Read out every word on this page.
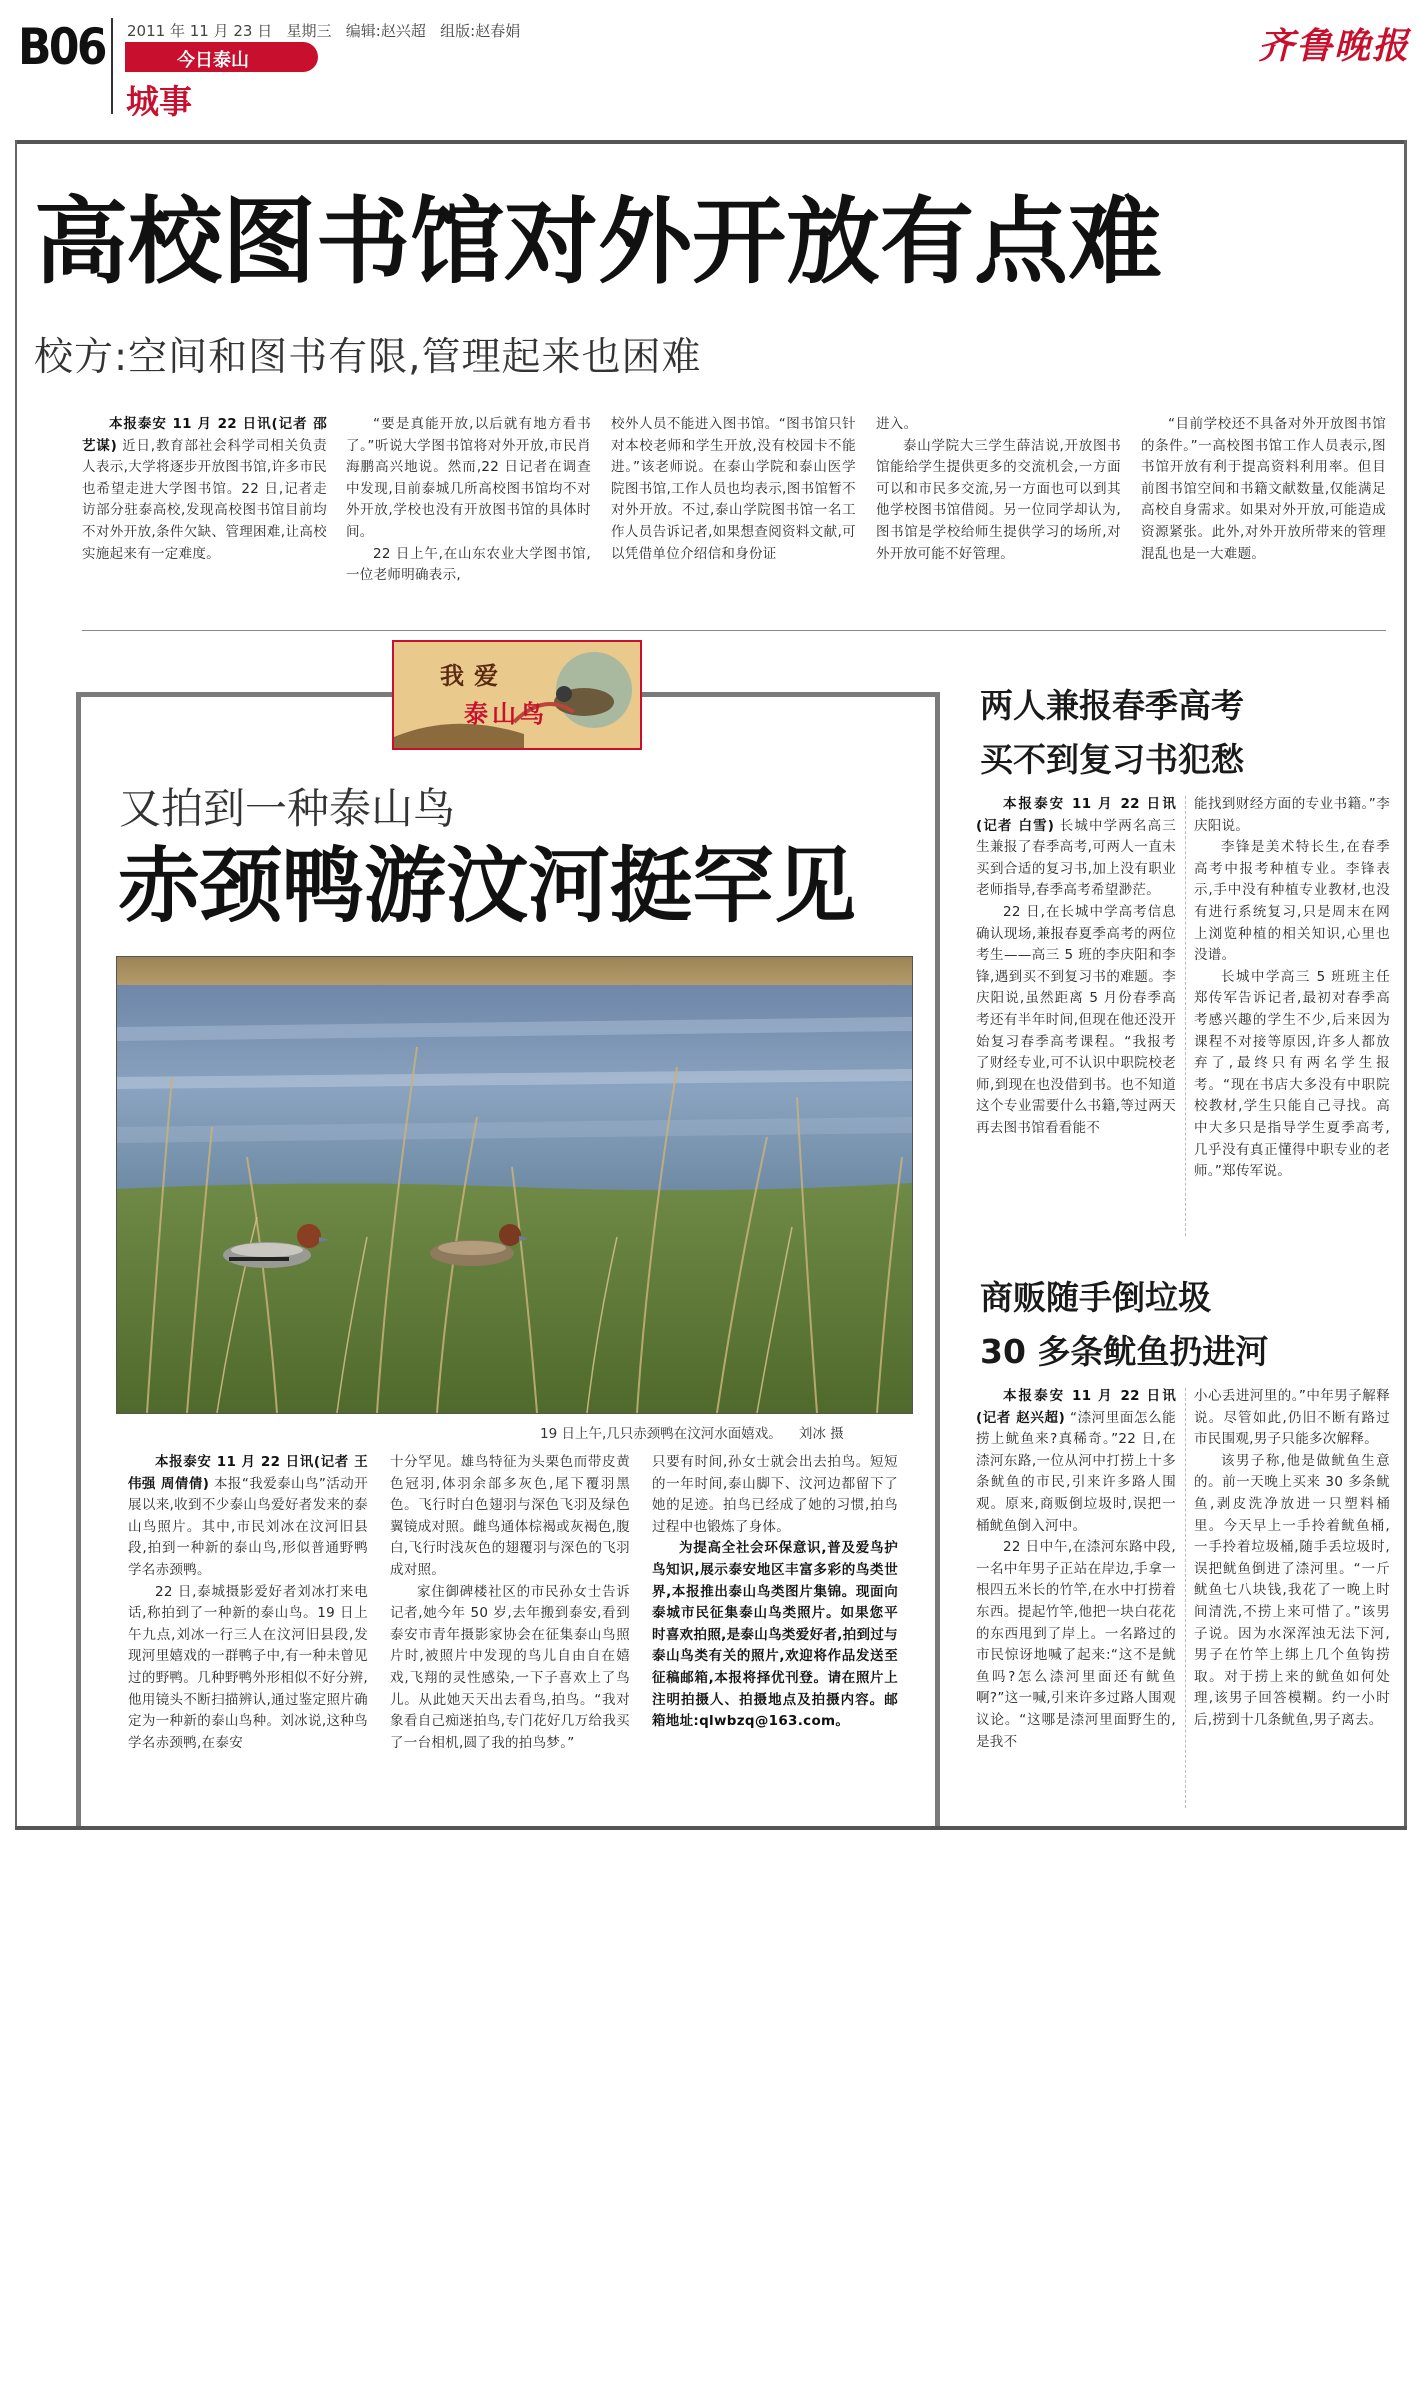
B06 2011 年 11 月 23 日   星期三   编辑:赵兴超   组版:赵春娟
今日泰山
城事
齐鲁晚报
高校图书馆对外开放有点难
校方:空间和图书有限,管理起来也困难

本报泰安 11 月 22 日讯(记者 邵艺谋) 近日,教育部社会科学司相关负责人表示,大学将逐步开放图书馆,许多市民也希望走进大学图书馆。22 日,记者走访部分驻泰高校,发现高校图书馆目前均不对外开放,条件欠缺、管理困难,让高校实施起来有一定难度。

“要是真能开放,以后就有地方看书了。”听说大学图书馆将对外开放,市民肖海鹏高兴地说。然而,22 日记者在调查中发现,目前泰城几所高校图书馆均不对外开放,学校也没有开放图书馆的具体时间。

22 日上午,在山东农业大学图书馆,一位老师明确表示,

校外人员不能进入图书馆。“图书馆只针对本校老师和学生开放,没有校园卡不能进。”该老师说。在泰山学院和泰山医学院图书馆,工作人员也均表示,图书馆暂不对外开放。不过,泰山学院图书馆一名工作人员告诉记者,如果想查阅资料文献,可以凭借单位介绍信和身份证

进入。

泰山学院大三学生薛洁说,开放图书馆能给学生提供更多的交流机会,一方面可以和市民多交流,另一方面也可以到其他学校图书馆借阅。另一位同学却认为,图书馆是学校给师生提供学习的场所,对外开放可能不好管理。

“目前学校还不具备对外开放图书馆的条件。”一高校图书馆工作人员表示,图书馆开放有利于提高资料利用率。但目前图书馆空间和书籍文献数量,仅能满足高校自身需求。如果对外开放,可能造成资源紧张。此外,对外开放所带来的管理混乱也是一大难题。

我爱
泰山鸟
又拍到一种泰山鸟
赤颈鸭游汶河挺罕见
19 日上午,几只赤颈鸭在汶河水面嬉戏。    刘冰 摄

本报泰安 11 月 22 日讯(记者 王伟强 周倩倩) 本报“我爱泰山鸟”活动开展以来,收到不少泰山鸟爱好者发来的泰山鸟照片。其中,市民刘冰在汶河旧县段,拍到一种新的泰山鸟,形似普通野鸭学名赤颈鸭。

22 日,泰城摄影爱好者刘冰打来电话,称拍到了一种新的泰山鸟。19 日上午九点,刘冰一行三人在汶河旧县段,发现河里嬉戏的一群鸭子中,有一种未曾见过的野鸭。几种野鸭外形相似不好分辨,他用镜头不断扫描辨认,通过鉴定照片确定为一种新的泰山鸟种。刘冰说,这种鸟学名赤颈鸭,在泰安

十分罕见。雄鸟特征为头栗色而带皮黄色冠羽,体羽余部多灰色,尾下覆羽黑色。飞行时白色翅羽与深色飞羽及绿色翼镜成对照。雌鸟通体棕褐或灰褐色,腹白,飞行时浅灰色的翅覆羽与深色的飞羽成对照。

家住御碑楼社区的市民孙女士告诉记者,她今年 50 岁,去年搬到泰安,看到泰安市青年摄影家协会在征集泰山鸟照片时,被照片中发现的鸟儿自由自在嬉戏,飞翔的灵性感染,一下子喜欢上了鸟儿。从此她天天出去看鸟,拍鸟。“我对象看自己痴迷拍鸟,专门花好几万给我买了一台相机,圆了我的拍鸟梦。”

只要有时间,孙女士就会出去拍鸟。短短的一年时间,泰山脚下、汶河边都留下了她的足迹。拍鸟已经成了她的习惯,拍鸟过程中也锻炼了身体。

为提高全社会环保意识,普及爱鸟护鸟知识,展示泰安地区丰富多彩的鸟类世界,本报推出泰山鸟类图片集锦。现面向泰城市民征集泰山鸟类照片。如果您平时喜欢拍照,是泰山鸟类爱好者,拍到过与泰山鸟类有关的照片,欢迎将作品发送至征稿邮箱,本报将择优刊登。请在照片上注明拍摄人、拍摄地点及拍摄内容。邮箱地址:qlwbzq@163.com。

两人兼报春季高考
买不到复习书犯愁

本报泰安 11 月 22 日讯(记者 白雪) 长城中学两名高三生兼报了春季高考,可两人一直未买到合适的复习书,加上没有职业老师指导,春季高考希望渺茫。

22 日,在长城中学高考信息确认现场,兼报春夏季高考的两位考生——高三 5 班的李庆阳和李锋,遇到买不到复习书的难题。李庆阳说,虽然距离 5 月份春季高考还有半年时间,但现在他还没开始复习春季高考课程。“我报考了财经专业,可不认识中职院校老师,到现在也没借到书。也不知道这个专业需要什么书籍,等过两天再去图书馆看看能不

能找到财经方面的专业书籍。”李庆阳说。

李锋是美术特长生,在春季高考中报考种植专业。李锋表示,手中没有种植专业教材,也没有进行系统复习,只是周末在网上浏览种植的相关知识,心里也没谱。

长城中学高三 5 班班主任郑传军告诉记者,最初对春季高考感兴趣的学生不少,后来因为课程不对接等原因,许多人都放弃了,最终只有两名学生报考。“现在书店大多没有中职院校教材,学生只能自己寻找。高中大多只是指导学生夏季高考,几乎没有真正懂得中职专业的老师。”郑传军说。

商贩随手倒垃圾
30 多条鱿鱼扔进河

本报泰安 11 月 22 日讯(记者 赵兴超) “渿河里面怎么能捞上鱿鱼来?真稀奇。”22 日,在渿河东路,一位从河中打捞上十多条鱿鱼的市民,引来许多路人围观。原来,商贩倒垃圾时,误把一桶鱿鱼倒入河中。

22 日中午,在渿河东路中段,一名中年男子正站在岸边,手拿一根四五米长的竹竿,在水中打捞着东西。提起竹竿,他把一块白花花的东西甩到了岸上。一名路过的市民惊讶地喊了起来:“这不是鱿鱼吗?怎么渿河里面还有鱿鱼啊?”这一喊,引来许多过路人围观议论。“这哪是渿河里面野生的,是我不

小心丢进河里的。”中年男子解释说。尽管如此,仍旧不断有路过市民围观,男子只能多次解释。

该男子称,他是做鱿鱼生意的。前一天晚上买来 30 多条鱿鱼,剥皮洗净放进一只塑料桶里。今天早上一手拎着鱿鱼桶,一手拎着垃圾桶,随手丢垃圾时,误把鱿鱼倒进了渿河里。“一斤鱿鱼七八块钱,我花了一晚上时间清洗,不捞上来可惜了。”该男子说。因为水深浑浊无法下河,男子在竹竿上绑上几个鱼钩捞取。对于捞上来的鱿鱼如何处理,该男子回答模糊。约一小时后,捞到十几条鱿鱼,男子离去。
